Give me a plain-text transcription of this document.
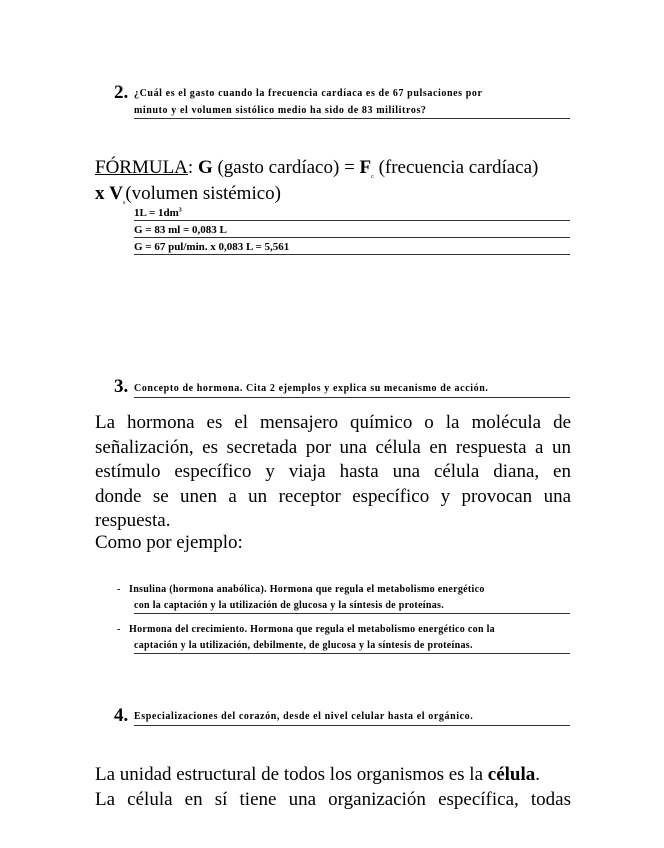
2. ¿Cuál es el gasto cuando la frecuencia cardíaca es de 67 pulsaciones por
minuto y el volumen sistólico medio ha sido de 83 mililitros?
FÓRMULA: G (gasto cardíaco) = $F_c$ (frecuencia cardíaca)
x $V_s(volumen$ sistémico)
$1L = 1dm^3$
G = 83 ml = 0,083 L
G = 67 pul/min. x 0,083 L = 5,561
3. Concepto de hormona. Cita 2 ejemplos y explica su mecanismo de acción.
La hormona es el mensajero químico o la molécula de
señalización, es secretada por una célula en respuesta a un
estímulo específico y viaja hasta una célula diana, en
donde se unen a un receptor específico y provocan una
respuesta.
Como por ejemplo:
- Insulina (hormona anabólica). Hormona que regula el metabolismo energético
con la captación y la utilización de glucosa y la síntesis de proteínas.
- Hormona del crecimiento. Hormona que regula el metabolismo energético con la
captación y la utilización, debilmente, de glucosa y la síntesis de proteínas.
4. Especializaciones del corazón, desde el nivel celular hasta el orgánico.
La unidad estructural de todos los organismos es la célula.
La célula en sí tiene una organización específica, todas
